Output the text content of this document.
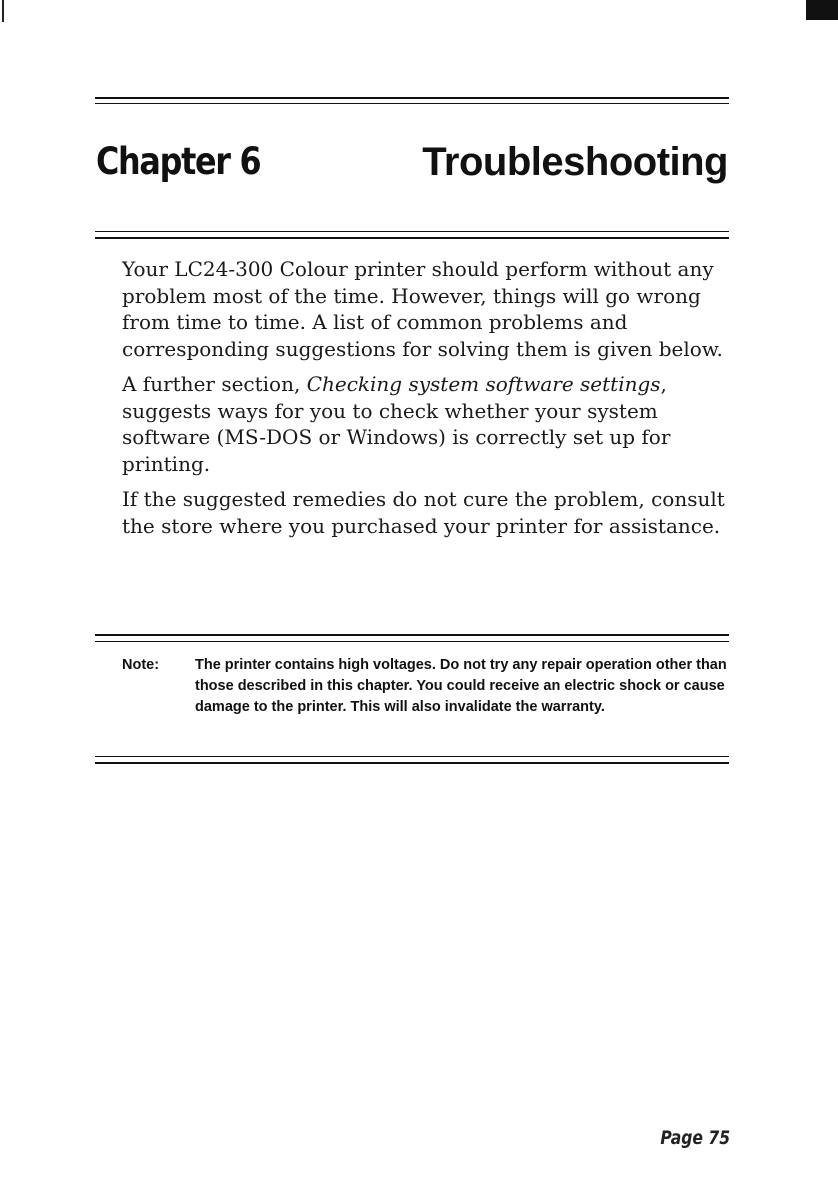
Chapter 6	Troubleshooting

Your LC24-300 Colour printer should perform without any problem most of the time. However, things will go wrong from time to time. A list of common problems and corresponding suggestions for solving them is given below.

A further section, Checking system software settings, suggests ways for you to check whether your system software (MS-DOS or Windows) is correctly set up for printing.

If the suggested remedies do not cure the problem, consult the store where you purchased your printer for assistance.

Note: The printer contains high voltages. Do not try any repair operation other than those described in this chapter. You could receive an electric shock or cause damage to the printer. This will also invalidate the warranty.
Page 75
